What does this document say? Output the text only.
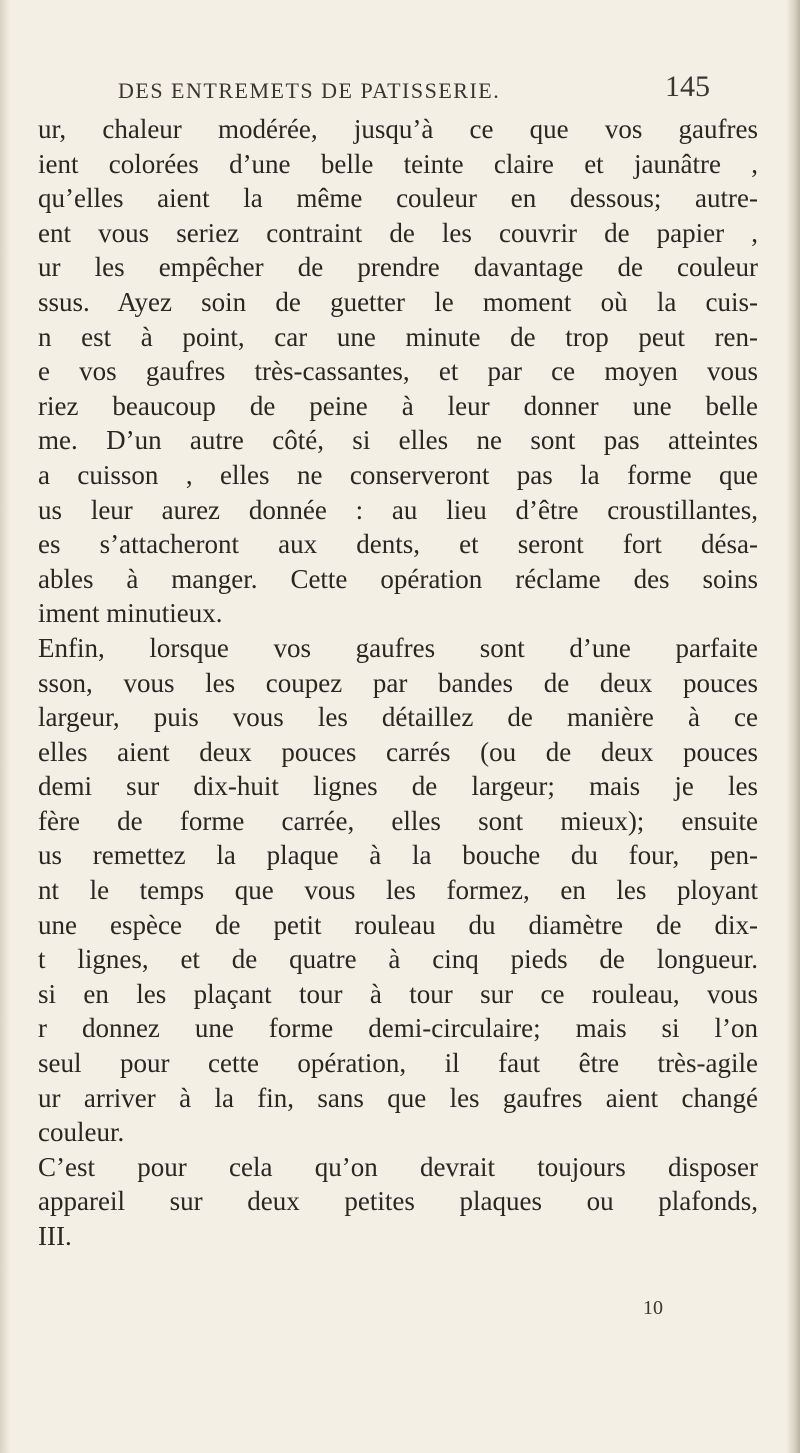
DES ENTREMETS DE PATISSERIE.	145
ur, chaleur modérée, jusqu’à ce que vos gaufres
ient colorées d’une belle teinte claire et jaunâtre ,
qu’elles aient la même couleur en dessous; autre-
ent vous seriez contraint de les couvrir de papier ,
ur les empêcher de prendre davantage de couleur
ssus. Ayez soin de guetter le moment où la cuis-
n est à point, car une minute de trop peut ren-
e vos gaufres très-cassantes, et par ce moyen vous
riez beaucoup de peine à leur donner une belle
me. D’un autre côté, si elles ne sont pas atteintes
a cuisson , elles ne conserveront pas la forme que
us leur aurez donnée : au lieu d’être croustillantes,
es s’attacheront aux dents, et seront fort désa-
ables à manger. Cette opération réclame des soins
iment minutieux.
Enfin, lorsque vos gaufres sont d’une parfaite
sson, vous les coupez par bandes de deux pouces
largeur, puis vous les détaillez de manière à ce
elles aient deux pouces carrés (ou de deux pouces
demi sur dix-huit lignes de largeur; mais je les
fère de forme carrée, elles sont mieux); ensuite
us remettez la plaque à la bouche du four, pen-
nt le temps que vous les formez, en les ployant
une espèce de petit rouleau du diamètre de dix-
t lignes, et de quatre à cinq pieds de longueur.
si en les plaçant tour à tour sur ce rouleau, vous
r donnez une forme demi-circulaire; mais si l’on
seul pour cette opération, il faut être très-agile
ur arriver à la fin, sans que les gaufres aient changé
couleur.
C’est pour cela qu’on devrait toujours disposer
appareil sur deux petites plaques ou plafonds,
III.
10
